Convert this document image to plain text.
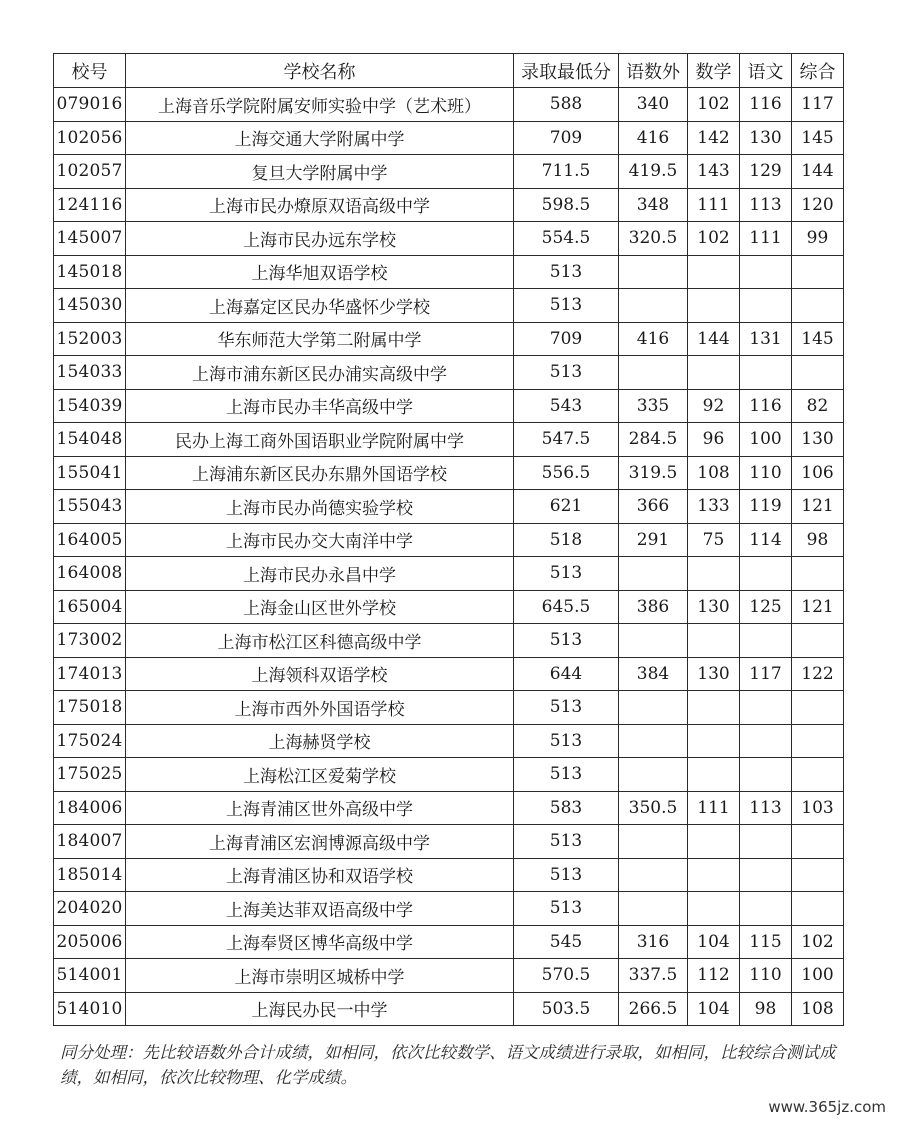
校号	学校名称	录取最低分	语数外	数学	语文	综合
079016	上海音乐学院附属安师实验中学（艺术班）	588	340	102	116	117
102056	上海交通大学附属中学	709	416	142	130	145
102057	复旦大学附属中学	711.5	419.5	143	129	144
124116	上海市民办燎原双语高级中学	598.5	348	111	113	120
145007	上海市民办远东学校	554.5	320.5	102	111	99
145018	上海华旭双语学校	513				
145030	上海嘉定区民办华盛怀少学校	513				
152003	华东师范大学第二附属中学	709	416	144	131	145
154033	上海市浦东新区民办浦实高级中学	513				
154039	上海市民办丰华高级中学	543	335	92	116	82
154048	民办上海工商外国语职业学院附属中学	547.5	284.5	96	100	130
155041	上海浦东新区民办东鼎外国语学校	556.5	319.5	108	110	106
155043	上海市民办尚德实验学校	621	366	133	119	121
164005	上海市民办交大南洋中学	518	291	75	114	98
164008	上海市民办永昌中学	513				
165004	上海金山区世外学校	645.5	386	130	125	121
173002	上海市松江区科德高级中学	513				
174013	上海领科双语学校	644	384	130	117	122
175018	上海市西外外国语学校	513				
175024	上海赫贤学校	513				
175025	上海松江区爱菊学校	513				
184006	上海青浦区世外高级中学	583	350.5	111	113	103
184007	上海青浦区宏润博源高级中学	513				
185014	上海青浦区协和双语学校	513				
204020	上海美达菲双语高级中学	513				
205006	上海奉贤区博华高级中学	545	316	104	115	102
514001	上海市崇明区城桥中学	570.5	337.5	112	110	100
514010	上海民办民一中学	503.5	266.5	104	98	108
同分处理：先比较语数外合计成绩，如相同，依次比较数学、语文成绩进行录取，如相同，比较综合测试成绩，如相同，依次比较物理、化学成绩。
www.365jz.com
